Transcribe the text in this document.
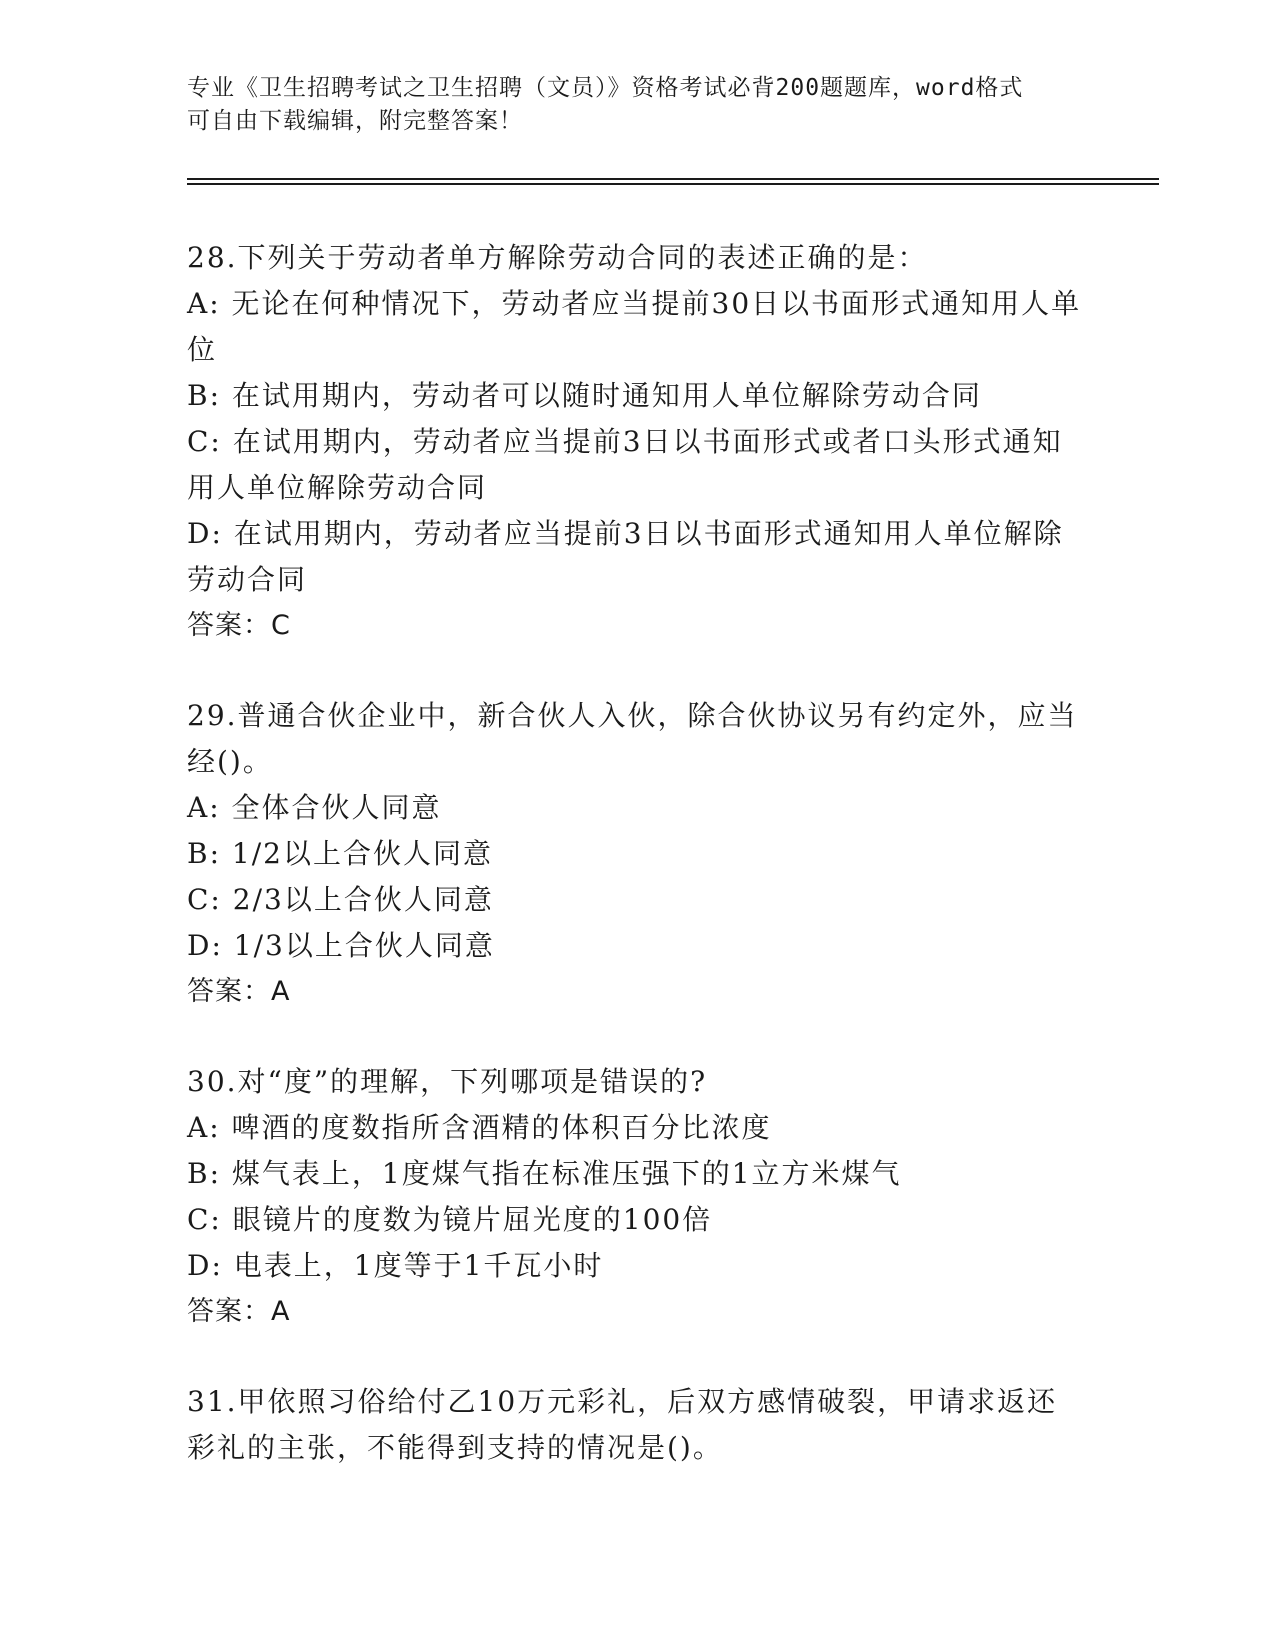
专业《卫生招聘考试之卫生招聘（文员）》资格考试必背200题题库，word格式
可自由下载编辑，附完整答案！

28.下列关于劳动者单方解除劳动合同的表述正确的是：

A: 无论在何种情况下，劳动者应当提前30日以书面形式通知用人单位

B: 在试用期内，劳动者可以随时通知用人单位解除劳动合同

C: 在试用期内，劳动者应当提前3日以书面形式或者口头形式通知用人单位解除劳动合同

D: 在试用期内，劳动者应当提前3日以书面形式通知用人单位解除劳动合同

答案：C

29.普通合伙企业中，新合伙人入伙，除合伙协议另有约定外，应当经()。

A: 全体合伙人同意

B: 1/2以上合伙人同意

C: 2/3以上合伙人同意

D: 1/3以上合伙人同意

答案：A

30.对“度”的理解，下列哪项是错误的?

A: 啤酒的度数指所含酒精的体积百分比浓度

B: 煤气表上，1度煤气指在标准压强下的1立方米煤气

C: 眼镜片的度数为镜片屈光度的100倍

D: 电表上，1度等于1千瓦小时

答案：A

31.甲依照习俗给付乙10万元彩礼，后双方感情破裂，甲请求返还彩礼的主张，不能得到支持的情况是()。
